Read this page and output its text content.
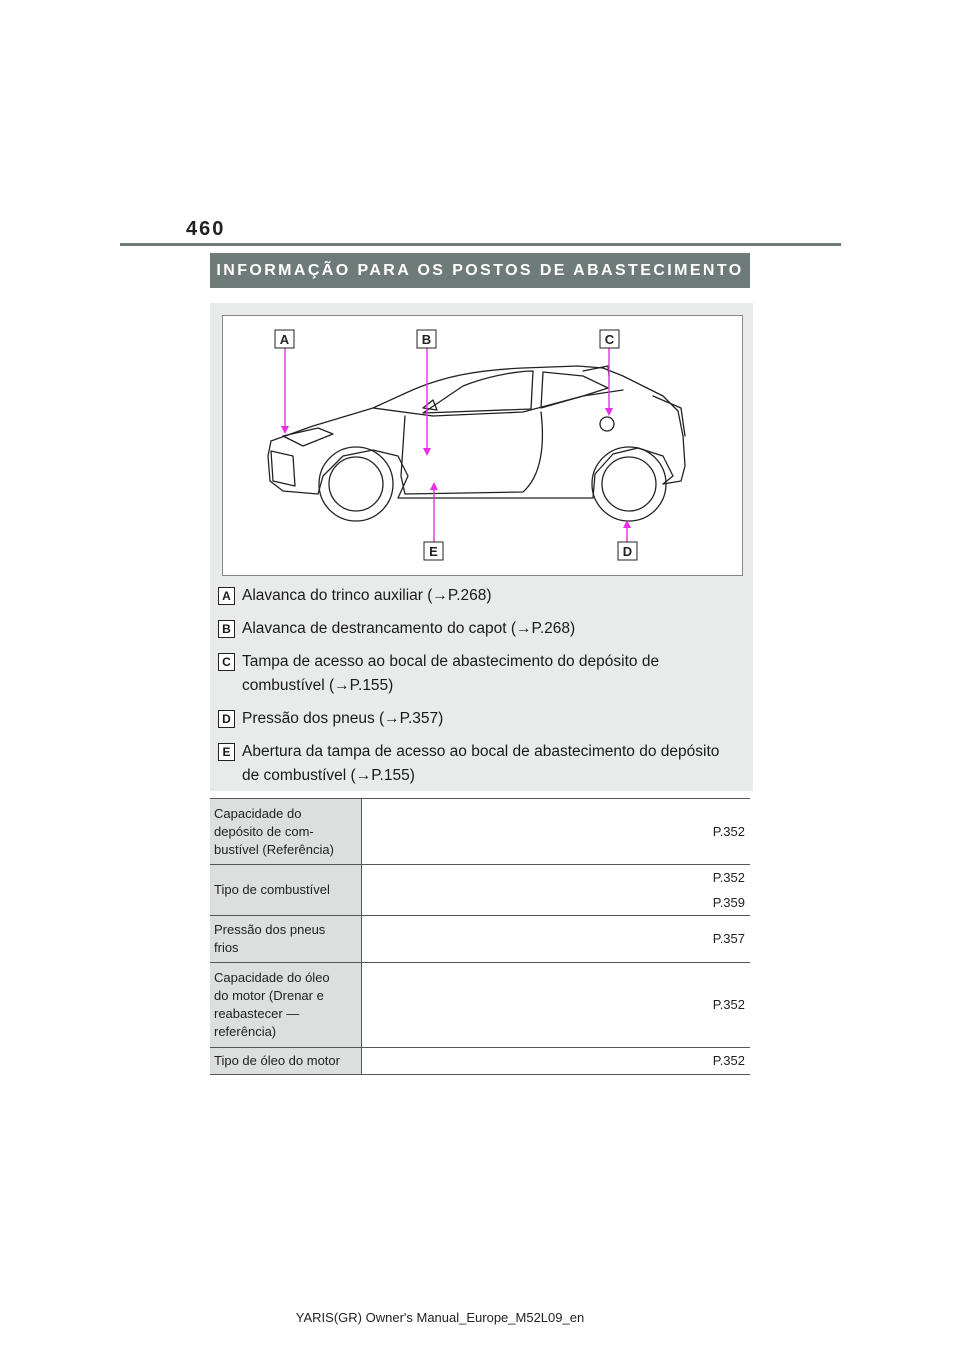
460
INFORMAÇÃO PARA OS POSTOS DE ABASTECIMENTO
A	B	C
D
E
A Alavanca do trinco auxiliar (→P.268)
B Alavanca de destrancamento do capot (→P.268)
C Tampa de acesso ao bocal de abastecimento do depósito de
combustível (→P.155)
D Pressão dos pneus (→P.357)
E Abertura da tampa de acesso ao bocal de abastecimento do depósito
de combustível (→P.155)
Capacidade do
depósito de com-
bustível (Referência)	P.352

Tipo de combustível	P.352
P.359

Pressão dos pneus
frios	P.357

Capacidade do óleo
do motor (Drenar e
reabastecer —
referência)	P.352

Tipo de óleo do motor	P.352
YARIS(GR) Owner's Manual_Europe_M52L09_en
